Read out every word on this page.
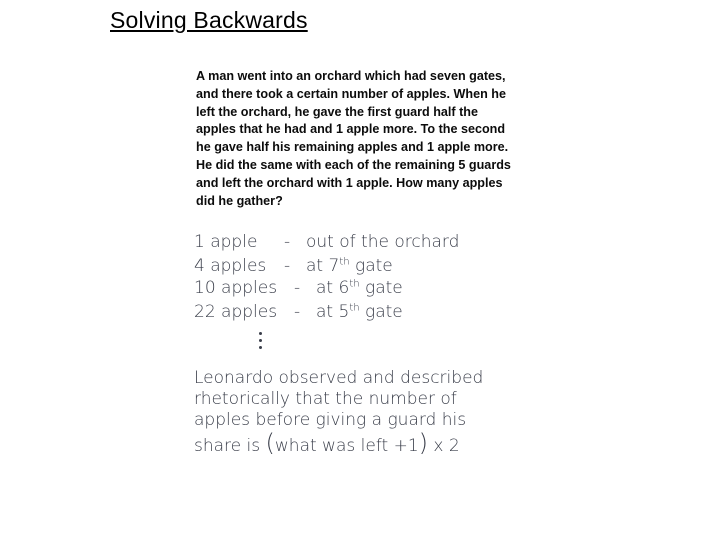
Solving Backwards
A man went into an orchard which had seven gates,
and there took a certain number of apples. When he
left the orchard, he gave the first guard half the
apples that he had and 1 apple more. To the second
he gave half his remaining apples and 1 apple more.
He did the same with each of the remaining 5 guards
and left the orchard with 1 apple. How many apples
did he gather?
1 apple - out of the orchard
4 apples - at 7th gate
10 apples - at 6th gate
22 apples - at 5th gate
Leonardo observed and described
rhetorically that the number of
apples before giving a guard his
share is (what was left +1) x 2
